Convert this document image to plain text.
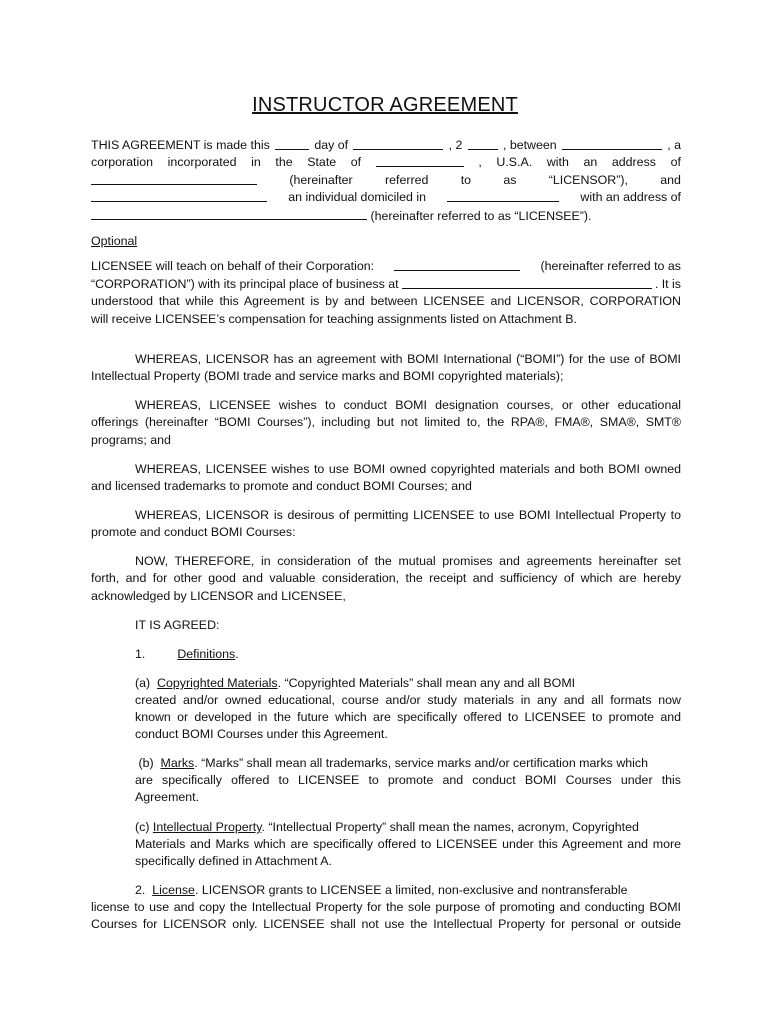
INSTRUCTOR AGREEMENT
THIS AGREEMENT is made this	day of	, 2	, between	, a
corporation incorporated in the State of	, U.S.A. with an address of
(hereinafter	referred	to	as	“LICENSOR”),	and
an individual domiciled in	with an address of
(hereinafter referred to as “LICENSEE”).
Optional
LICENSEE will teach on behalf of their Corporation:	(hereinafter referred to as
“CORPORATION”) with its principal place of business at	. It is
understood that while this Agreement is by and between LICENSEE and LICENSOR, CORPORATION
will receive LICENSEE’s compensation for teaching assignments listed on Attachment B.
WHEREAS, LICENSOR has an agreement with BOMI International (“BOMI”) for the use of BOMI
Intellectual Property (BOMI trade and service marks and BOMI copyrighted materials);
WHEREAS, LICENSEE wishes to conduct BOMI designation courses, or other educational
offerings (hereinafter “BOMI Courses”), including but not limited to, the RPA®, FMA®, SMA®, SMT®
programs; and
WHEREAS, LICENSEE wishes to use BOMI owned copyrighted materials and both BOMI owned
and licensed trademarks to promote and conduct BOMI Courses; and
WHEREAS, LICENSOR is desirous of permitting LICENSEE to use BOMI Intellectual Property to
promote and conduct BOMI Courses:
NOW, THEREFORE, in consideration of the mutual promises and agreements hereinafter set
forth, and for other good and valuable consideration, the receipt and sufficiency of which are hereby
acknowledged by LICENSOR and LICENSEE,
IT IS AGREED:
1.	Definitions.
(a) Copyrighted Materials. “Copyrighted Materials” shall mean any and all BOMI
created and/or owned educational, course and/or study materials in any and all formats now
known or developed in the future which are specifically offered to LICENSEE to promote and
conduct BOMI Courses under this Agreement.
(b) Marks. “Marks” shall mean all trademarks, service marks and/or certification marks which
are specifically offered to LICENSEE to promote and conduct BOMI Courses under this
Agreement.
(c) Intellectual Property. “Intellectual Property” shall mean the names, acronym, Copyrighted
Materials and Marks which are specifically offered to LICENSEE under this Agreement and more
specifically defined in Attachment A.
2. License. LICENSOR grants to LICENSEE a limited, non-exclusive and nontransferable
license to use and copy the Intellectual Property for the sole purpose of promoting and conducting BOMI
Courses for LICENSOR only. LICENSEE shall not use the Intellectual Property for personal or outside
